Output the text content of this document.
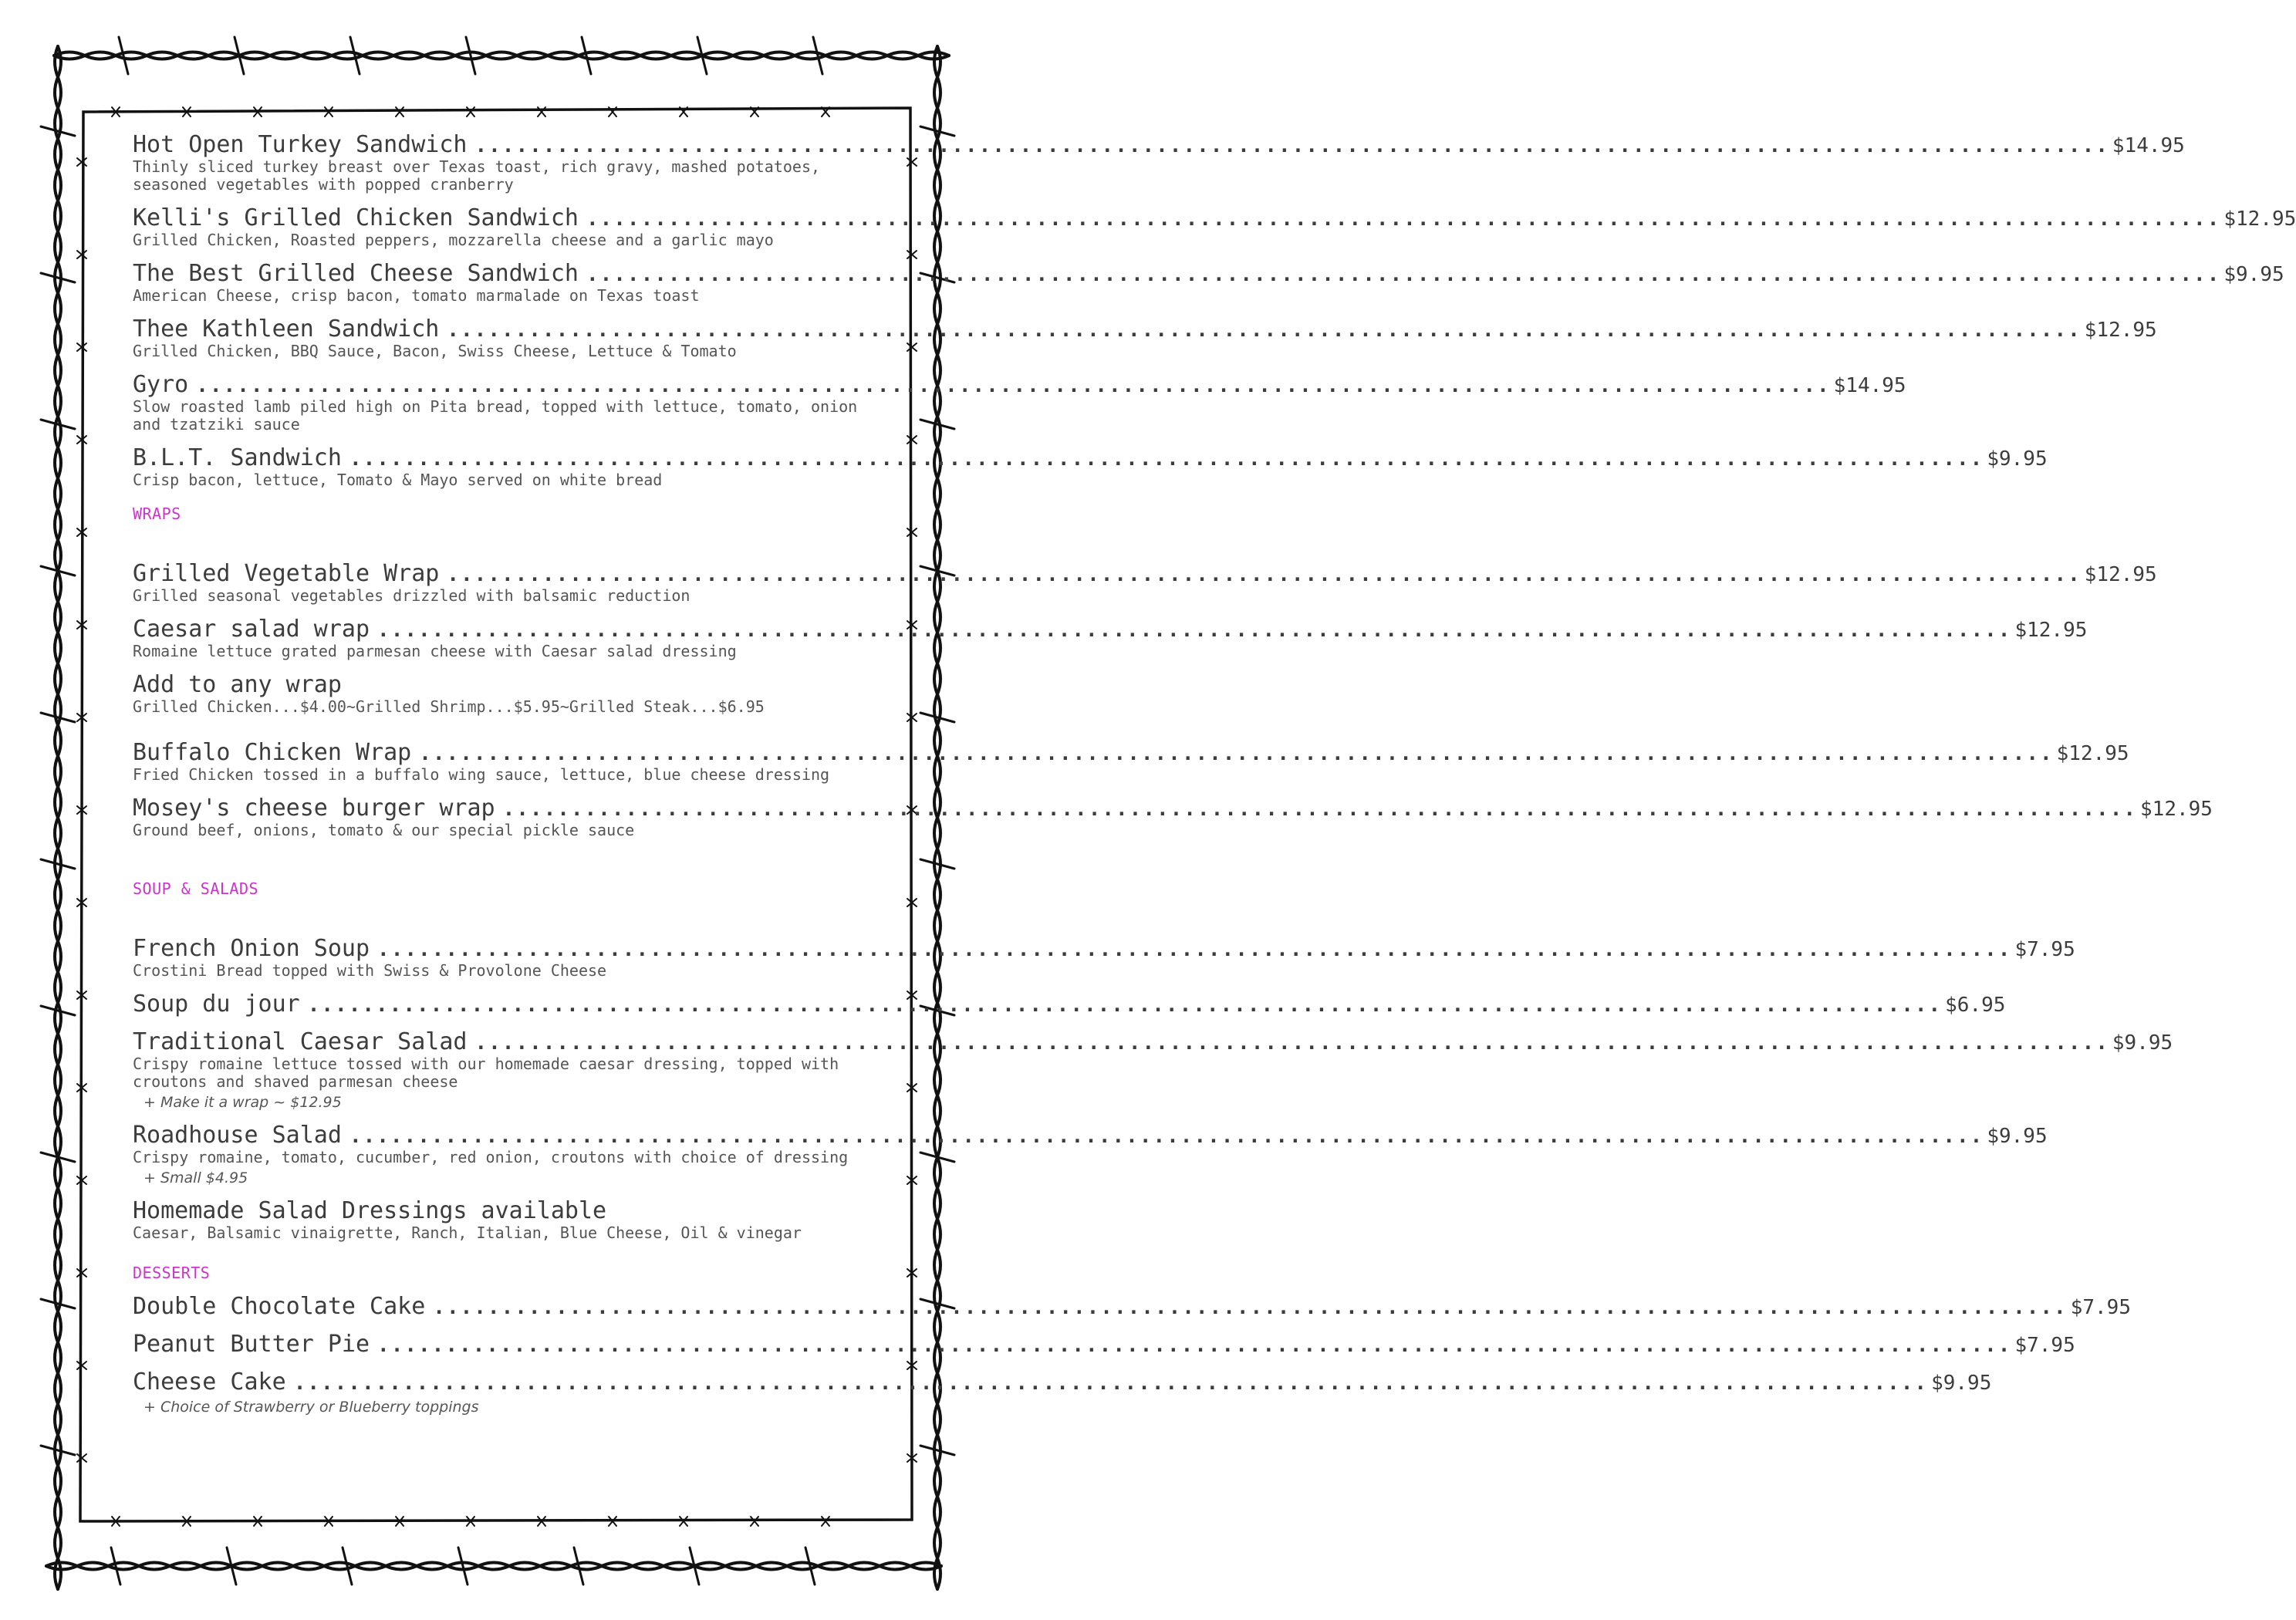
Hot Open Turkey Sandwich ........................................................................................................................ $14.95
Thinly sliced turkey breast over Texas toast, rich gravy, mashed potatoes, seasoned vegetables with popped cranberry
Kelli's Grilled Chicken Sandwich ........................................................................................................................ $12.95
Grilled Chicken, Roasted peppers, mozzarella cheese and a garlic mayo
The Best Grilled Cheese Sandwich ........................................................................................................................ $9.95
American Cheese, crisp bacon, tomato marmalade on Texas toast
Thee Kathleen Sandwich ........................................................................................................................ $12.95
Grilled Chicken, BBQ Sauce, Bacon, Swiss Cheese, Lettuce & Tomato
Gyro ........................................................................................................................ $14.95
Slow roasted lamb piled high on Pita bread, topped with lettuce, tomato, onion and tzatziki sauce
B.L.T. Sandwich ........................................................................................................................ $9.95
Crisp bacon, lettuce, Tomato & Mayo served on white bread
WRAPS
Grilled Vegetable Wrap ........................................................................................................................ $12.95
Grilled seasonal vegetables drizzled with balsamic reduction
Caesar salad wrap ........................................................................................................................ $12.95
Romaine lettuce grated parmesan cheese with Caesar salad dressing
Add to any wrap
Grilled Chicken...$4.00~Grilled Shrimp...$5.95~Grilled Steak...$6.95
Buffalo Chicken Wrap ........................................................................................................................ $12.95
Fried Chicken tossed in a buffalo wing sauce, lettuce, blue cheese dressing
Mosey's cheese burger wrap ........................................................................................................................ $12.95
Ground beef, onions, tomato & our special pickle sauce
SOUP & SALADS
French Onion Soup ........................................................................................................................ $7.95
Crostini Bread topped with Swiss & Provolone Cheese
Soup du jour ........................................................................................................................ $6.95
Traditional Caesar Salad ........................................................................................................................ $9.95
Crispy romaine lettuce tossed with our homemade caesar dressing, topped with croutons and shaved parmesan cheese
+ Make it a wrap ~ $12.95
Roadhouse Salad ........................................................................................................................ $9.95
Crispy romaine, tomato, cucumber, red onion, croutons with choice of dressing
+ Small $4.95
Homemade Salad Dressings available
Caesar, Balsamic vinaigrette, Ranch, Italian, Blue Cheese, Oil & vinegar
DESSERTS
Double Chocolate Cake ........................................................................................................................ $7.95
Peanut Butter Pie ........................................................................................................................ $7.95
Cheese Cake ........................................................................................................................ $9.95
+ Choice of Strawberry or Blueberry toppings
